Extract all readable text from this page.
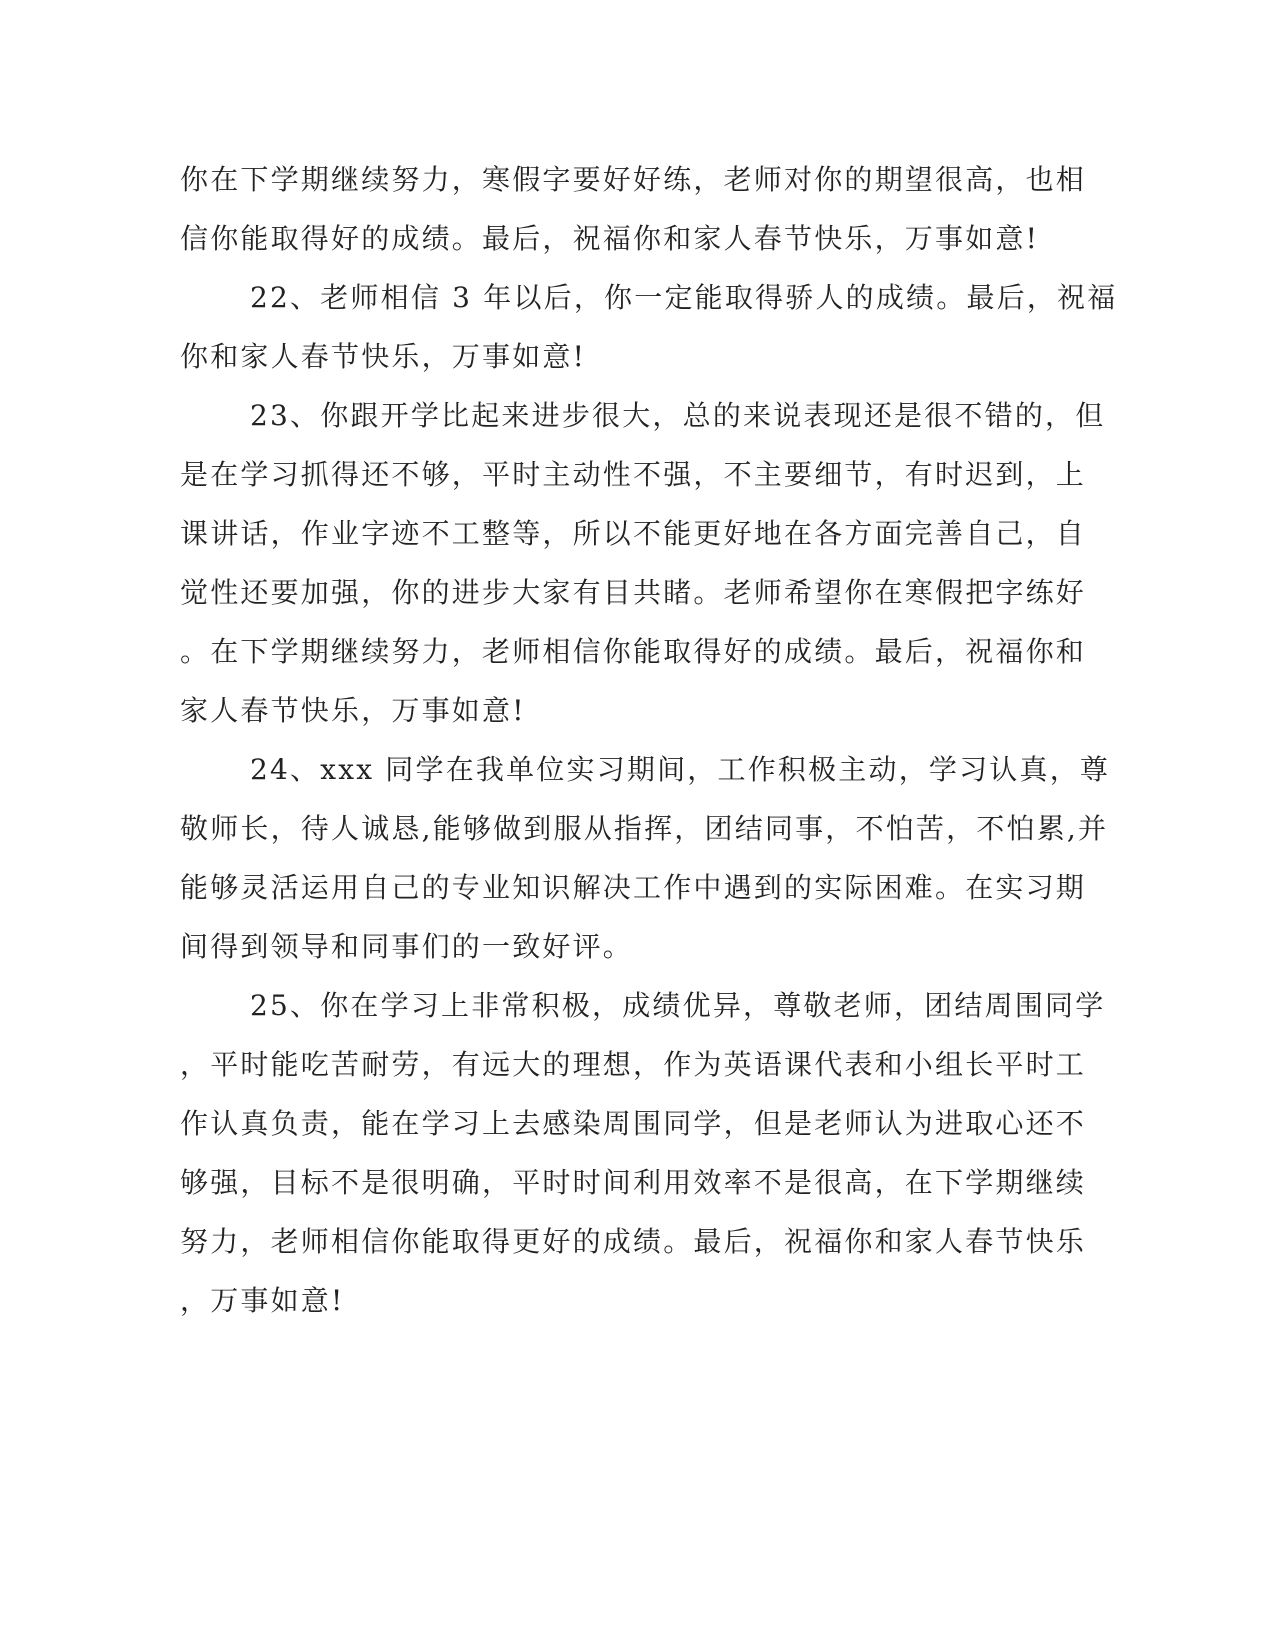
你在下学期继续努力，寒假字要好好练，老师对你的期望很高，也相
信你能取得好的成绩。最后，祝福你和家人春节快乐，万事如意!
22、老师相信 3 年以后，你一定能取得骄人的成绩。最后，祝福
你和家人春节快乐，万事如意!
23、你跟开学比起来进步很大，总的来说表现还是很不错的，但
是在学习抓得还不够，平时主动性不强，不主要细节，有时迟到，上
课讲话，作业字迹不工整等，所以不能更好地在各方面完善自己，自
觉性还要加强，你的进步大家有目共睹。老师希望你在寒假把字练好
。在下学期继续努力，老师相信你能取得好的成绩。最后，祝福你和
家人春节快乐，万事如意!
24、xxx 同学在我单位实习期间，工作积极主动，学习认真，尊
敬师长，待人诚恳,能够做到服从指挥，团结同事，不怕苦，不怕累,并
能够灵活运用自己的专业知识解决工作中遇到的实际困难。在实习期
间得到领导和同事们的一致好评。
25、你在学习上非常积极，成绩优异，尊敬老师，团结周围同学
，平时能吃苦耐劳，有远大的理想，作为英语课代表和小组长平时工
作认真负责，能在学习上去感染周围同学，但是老师认为进取心还不
够强，目标不是很明确，平时时间利用效率不是很高，在下学期继续
努力，老师相信你能取得更好的成绩。最后，祝福你和家人春节快乐
，万事如意!
